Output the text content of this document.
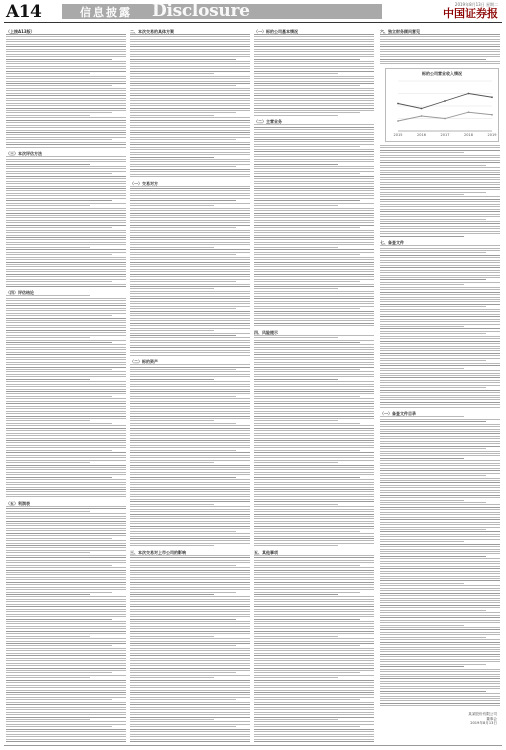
A14	信息披露 Disclosure	2019年8月13日 星期二
中国证券报
（上接A13版）
（三）本次评估方法
（四）评估结论
（五）利润表
二、本次交易的具体方案
（一）交易对方
（二）标的资产
三、本次交易对上市公司的影响
（一）标的公司基本情况
（二）主营业务
四、风险提示
五、其他事项
六、独立财务顾问意见
七、备查文件
（一）备查文件目录
标的公司营业收入情况
2015	2016	2017	2018	2019
某某股份有限公司
董事会
2019年8月13日
